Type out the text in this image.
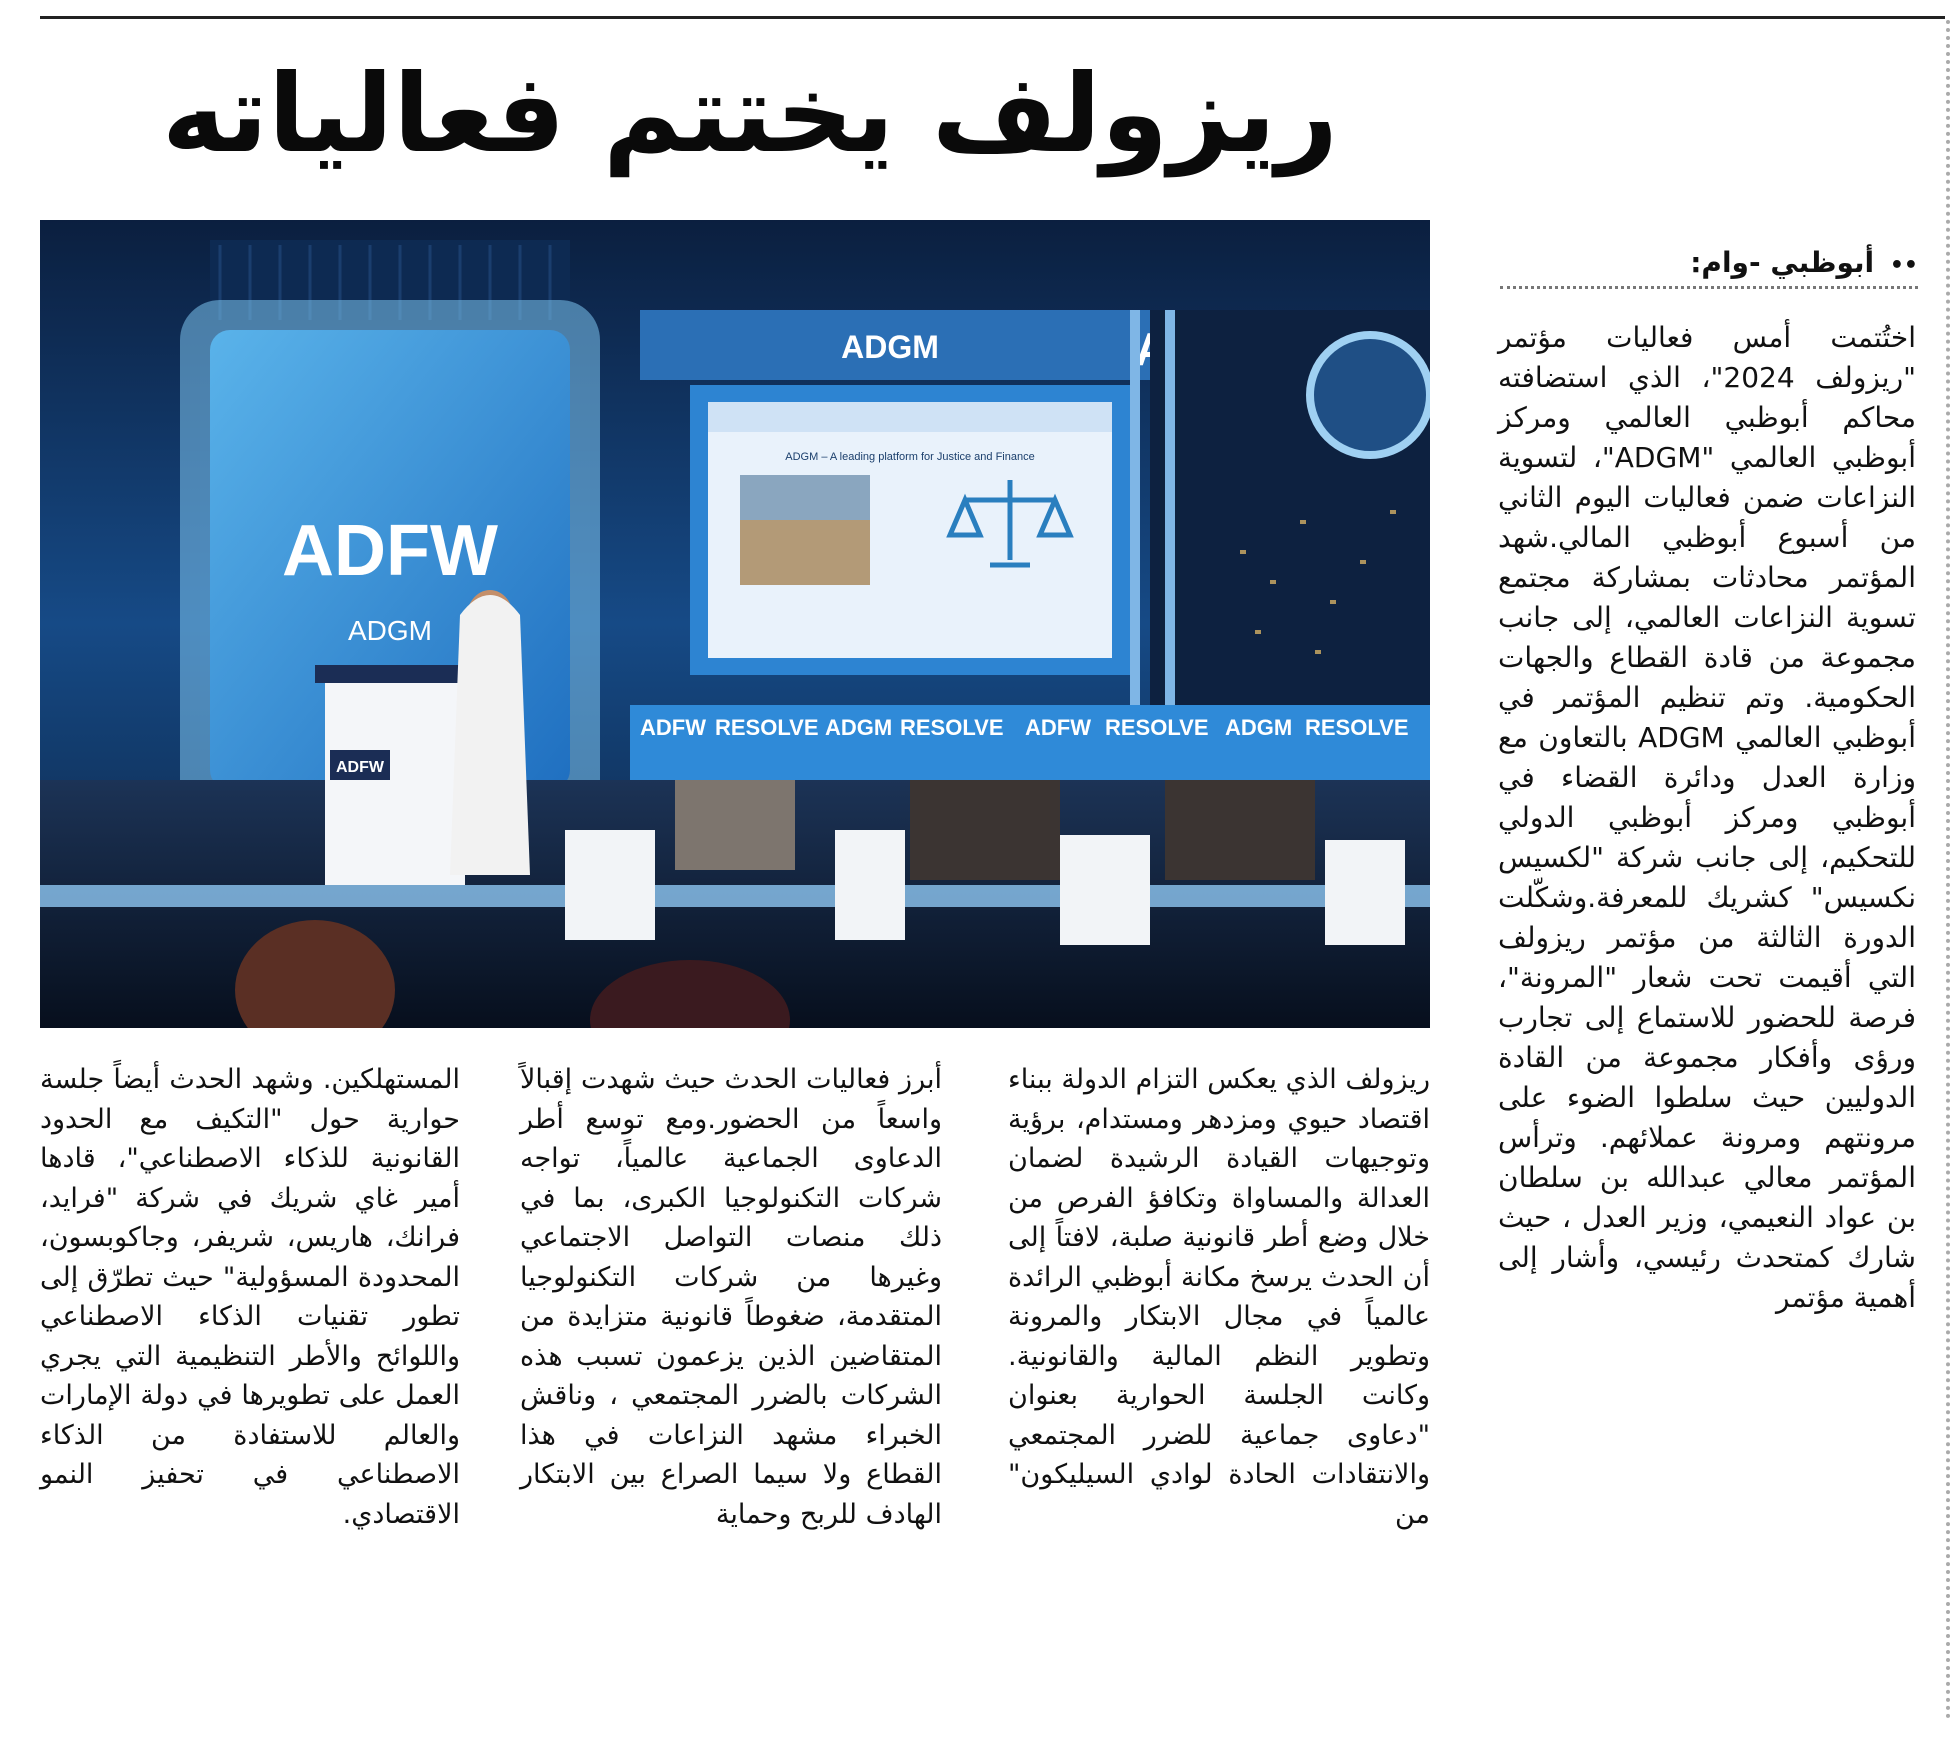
ريزولف يختتم فعالياته
ADFW
ADGM
ADGM
ADGM – A leading platform for Justice and Finance
ADFW RESOLVE ADGM RESOLVE ADFW RESOLVE ADGM RESOLVE
ADFW
•• أبوظبي -وام:
اختُتمت أمس فعاليات مؤتمر "ريزولف 2024"، الذي استضافته محاكم أبوظبي العالمي ومركز أبوظبي العالمي "ADGM"، لتسوية النزاعات ضمن فعاليات اليوم الثاني من أسبوع أبوظبي المالي.شهد المؤتمر محادثات بمشاركة مجتمع تسوية النزاعات العالمي، إلى جانب مجموعة من قادة القطاع والجهات الحكومية. وتم تنظيم المؤتمر في أبوظبي العالمي ADGM بالتعاون مع وزارة العدل ودائرة القضاء في أبوظبي ومركز أبوظبي الدولي للتحكيم، إلى جانب شركة "لكسيس نكسيس" كشريك للمعرفة.وشكّلت الدورة الثالثة من مؤتمر ريزولف التي أقيمت تحت شعار "المرونة"، فرصة للحضور للاستماع إلى تجارب ورؤى وأفكار مجموعة من القادة الدوليين حيث سلطوا الضوء على مرونتهم ومرونة عملائهم. وترأس المؤتمر معالي عبدالله بن سلطان بن عواد النعيمي، وزير العدل ، حيث شارك كمتحدث رئيسي، وأشار إلى أهمية مؤتمر
ريزولف الذي يعكس التزام الدولة ببناء اقتصاد حيوي ومزدهر ومستدام، برؤية وتوجيهات القيادة الرشيدة لضمان العدالة والمساواة وتكافؤ الفرص من خلال وضع أطر قانونية صلبة، لافتاً إلى أن الحدث يرسخ مكانة أبوظبي الرائدة عالمياً في مجال الابتكار والمرونة وتطوير النظم المالية والقانونية. وكانت الجلسة الحوارية بعنوان "دعاوى جماعية للضرر المجتمعي والانتقادات الحادة لوادي السيليكون" من
أبرز فعاليات الحدث حيث شهدت إقبالاً واسعاً من الحضور.ومع توسع أطر الدعاوى الجماعية عالمياً، تواجه شركات التكنولوجيا الكبرى، بما في ذلك منصات التواصل الاجتماعي وغيرها من شركات التكنولوجيا المتقدمة، ضغوطاً قانونية متزايدة من المتقاضين الذين يزعمون تسبب هذه الشركات بالضرر المجتمعي ، وناقش الخبراء مشهد النزاعات في هذا القطاع ولا سيما الصراع بين الابتكار الهادف للربح وحماية
المستهلكين. وشهد الحدث أيضاً جلسة حوارية حول "التكيف مع الحدود القانونية للذكاء الاصطناعي"، قادها أمير غاي شريك في شركة "فرايد، فرانك، هاريس، شريفر، وجاكوبسون، المحدودة المسؤولية" حيث تطرّق إلى تطور تقنيات الذكاء الاصطناعي واللوائح والأطر التنظيمية التي يجري العمل على تطويرها في دولة الإمارات والعالم للاستفادة من الذكاء الاصطناعي في تحفيز النمو الاقتصادي.
